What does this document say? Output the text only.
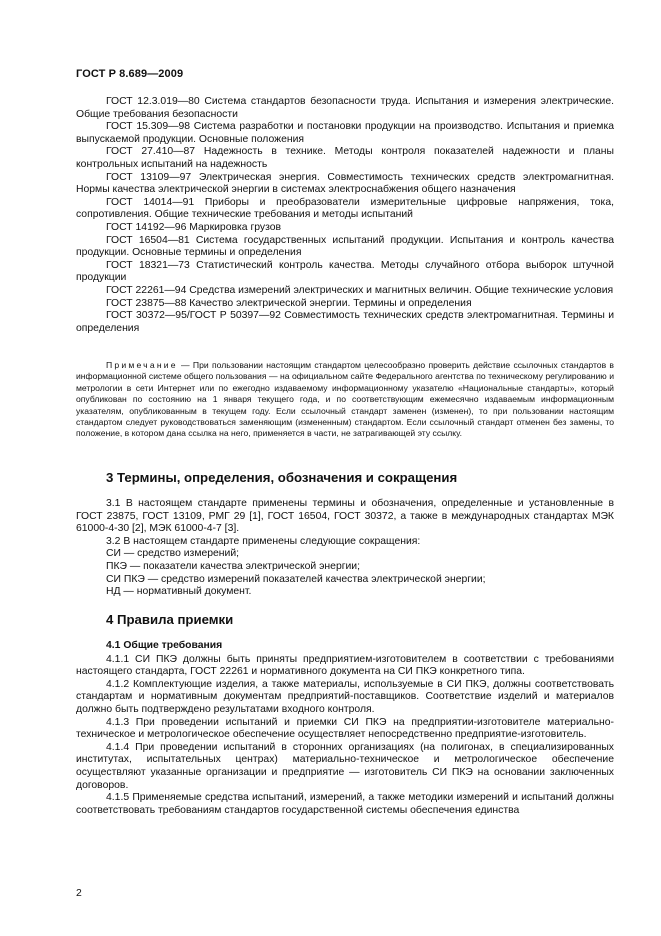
ГОСТ Р 8.689—2009

ГОСТ 12.3.019—80 Система стандартов безопасности труда. Испытания и измерения электрические. Общие требования безопасности

ГОСТ 15.309—98 Система разработки и постановки продукции на производство. Испытания и приемка выпускаемой продукции. Основные положения

ГОСТ 27.410—87 Надежность в технике. Методы контроля показателей надежности и планы контрольных испытаний на надежность

ГОСТ 13109—97 Электрическая энергия. Совместимость технических средств электромагнитная. Нормы качества электрической энергии в системах электроснабжения общего назначения

ГОСТ 14014—91 Приборы и преобразователи измерительные цифровые напряжения, тока, сопротивления. Общие технические требования и методы испытаний

ГОСТ 14192—96 Маркировка грузов

ГОСТ 16504—81 Система государственных испытаний продукции. Испытания и контроль качества продукции. Основные термины и определения

ГОСТ 18321—73 Статистический контроль качества. Методы случайного отбора выборок штучной продукции

ГОСТ 22261—94 Средства измерений электрических и магнитных величин. Общие технические условия

ГОСТ 23875—88 Качество электрической энергии. Термины и определения

ГОСТ 30372—95/ГОСТ Р 50397—92 Совместимость технических средств электромагнитная. Термины и определения

Примечание — При пользовании настоящим стандартом целесообразно проверить действие ссылочных стандартов в информационной системе общего пользования — на официальном сайте Федерального агентства по техническому регулированию и метрологии в сети Интернет или по ежегодно издаваемому информационному указателю «Национальные стандарты», который опубликован по состоянию на 1 января текущего года, и по соответствующим ежемесячно издаваемым информационным указателям, опубликованным в текущем году. Если ссылочный стандарт заменен (изменен), то при пользовании настоящим стандартом следует руководствоваться заменяющим (измененным) стандартом. Если ссылочный стандарт отменен без замены, то положение, в котором дана ссылка на него, применяется в части, не затрагивающей эту ссылку.

3 Термины, определения, обозначения и сокращения

3.1 В настоящем стандарте применены термины и обозначения, определенные и установленные в ГОСТ 23875, ГОСТ 13109, РМГ 29 [1], ГОСТ 16504, ГОСТ 30372, а также в международных стандартах МЭК 61000-4-30 [2], МЭК 61000-4-7 [3].

3.2 В настоящем стандарте применены следующие сокращения:

СИ — средство измерений;

ПКЭ — показатели качества электрической энергии;

СИ ПКЭ — средство измерений показателей качества электрической энергии;

НД — нормативный документ.

4 Правила приемки

4.1 Общие требования

4.1.1 СИ ПКЭ должны быть приняты предприятием-изготовителем в соответствии с требованиями настоящего стандарта, ГОСТ 22261 и нормативного документа на СИ ПКЭ конкретного типа.

4.1.2 Комплектующие изделия, а также материалы, используемые в СИ ПКЭ, должны соответствовать стандартам и нормативным документам предприятий-поставщиков. Соответствие изделий и материалов должно быть подтверждено результатами входного контроля.

4.1.3 При проведении испытаний и приемки СИ ПКЭ на предприятии-изготовителе материально-техническое и метрологическое обеспечение осуществляет непосредственно предприятие-изготовитель.

4.1.4 При проведении испытаний в сторонних организациях (на полигонах, в специализированных институтах, испытательных центрах) материально-техническое и метрологическое обеспечение осуществляют указанные организации и предприятие — изготовитель СИ ПКЭ на основании заключенных договоров.

4.1.5 Применяемые средства испытаний, измерений, а также методики измерений и испытаний должны соответствовать требованиям стандартов государственной системы обеспечения единства

2
